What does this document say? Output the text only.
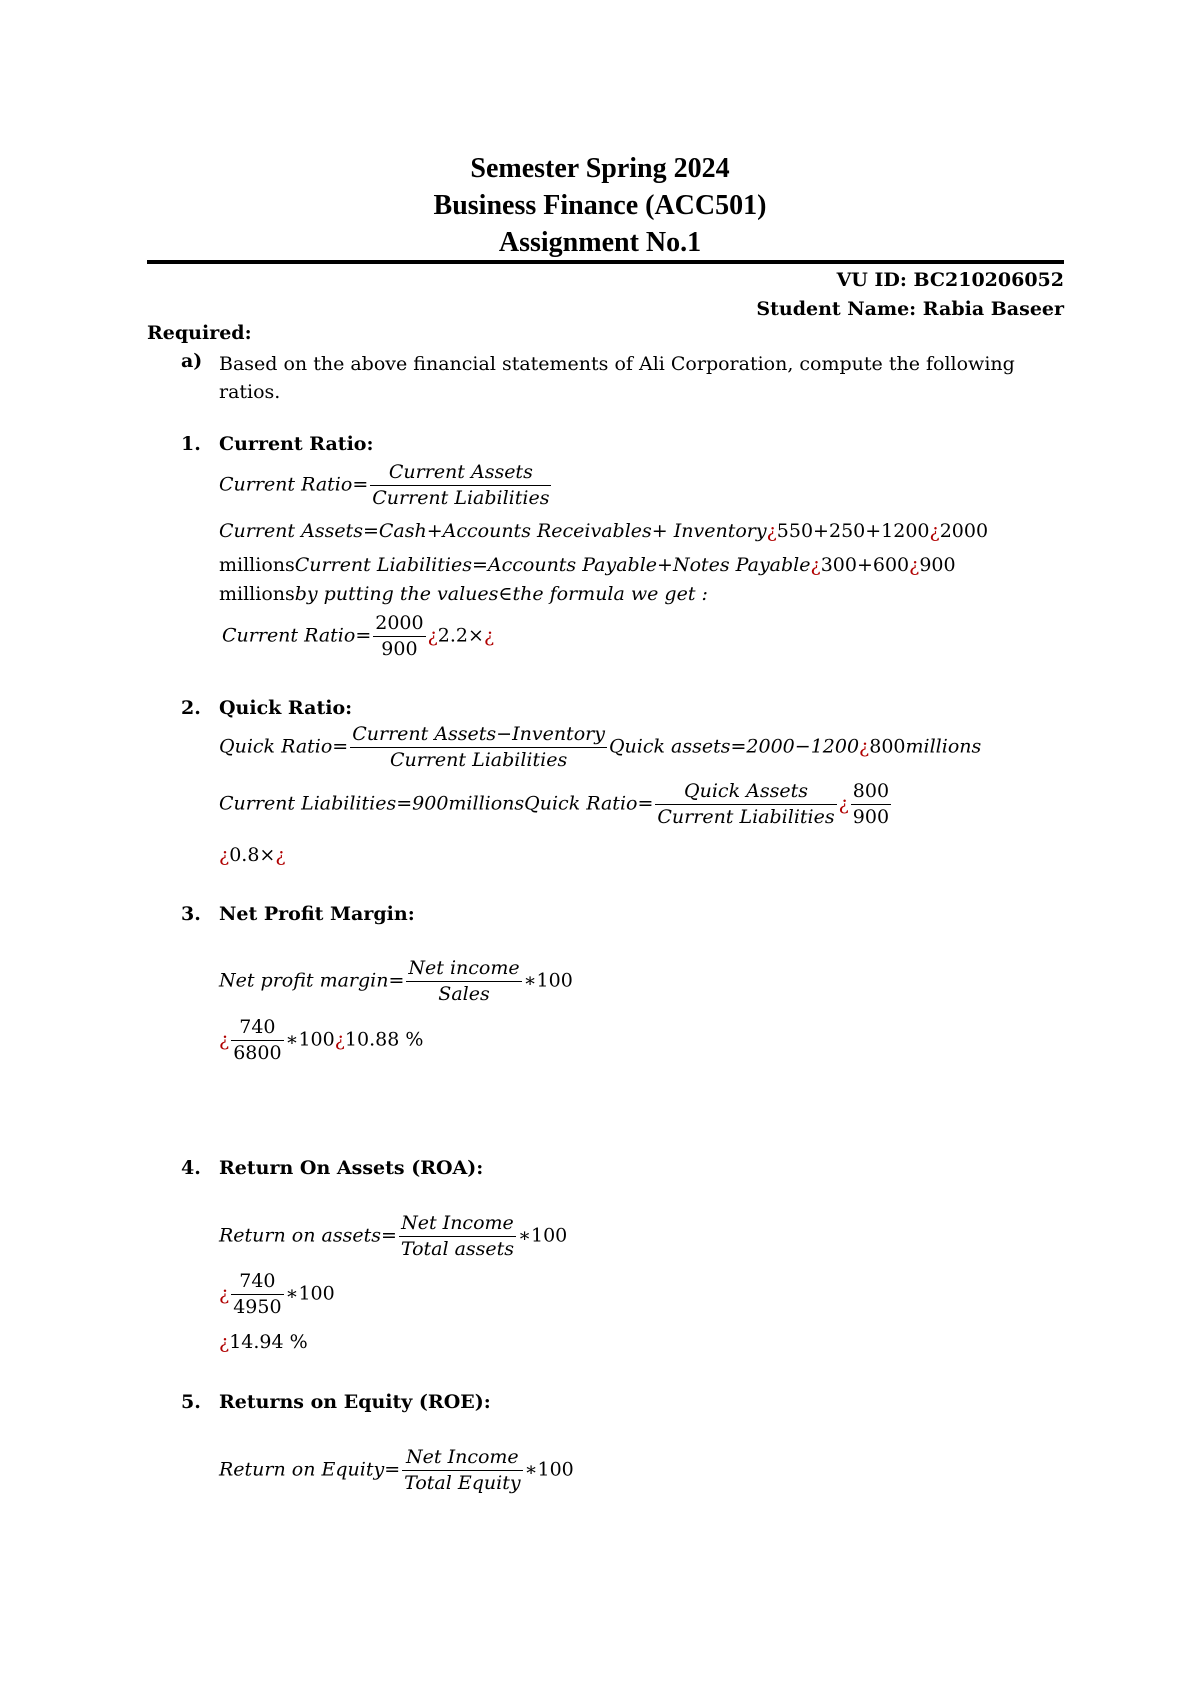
Semester Spring 2024
Business Finance (ACC501)
Assignment No.1
VU ID: BC210206052
Student Name: Rabia Baseer
Required:
a) Based on the above financial statements of Ali Corporation, compute the following ratios.
1. Current Ratio:
Current Ratio= $\frac{\text{Current Assets}}{\text{Current Liabilities}}$
Current Assets=Cash+Accounts Receivables+ Inventory¿550+250+1200¿2000
millionsCurrent Liabilities=Accounts Payable+Notes Payable¿300+600¿900
millionsby putting the values∈the formula we get :
Current Ratio= $\frac{2000}{900}$ ¿2.2×¿
2. Quick Ratio:
Quick Ratio= $\frac{\text{Current Assets−Inventory}}{\text{Current Liabilities}}$ Quick assets=2000−1200¿800millions
Current Liabilities=900millionsQuick Ratio= $\frac{\text{Quick Assets}}{\text{Current Liabilities}}$ ¿ $\frac{800}{900}$
¿0.8×¿
3. Net Profit Margin:
Net profit margin= $\frac{\text{Net income}}{\text{Sales}}$ ∗100
¿ $\frac{740}{6800}$ ∗100¿10.88 %
4. Return On Assets (ROA):
Return on assets= $\frac{\text{Net Income}}{\text{Total assets}}$ ∗100
¿ $\frac{740}{4950}$ ∗100
¿14.94 %
5. Returns on Equity (ROE):
Return on Equity= $\frac{\text{Net Income}}{\text{Total Equity}}$ ∗100
